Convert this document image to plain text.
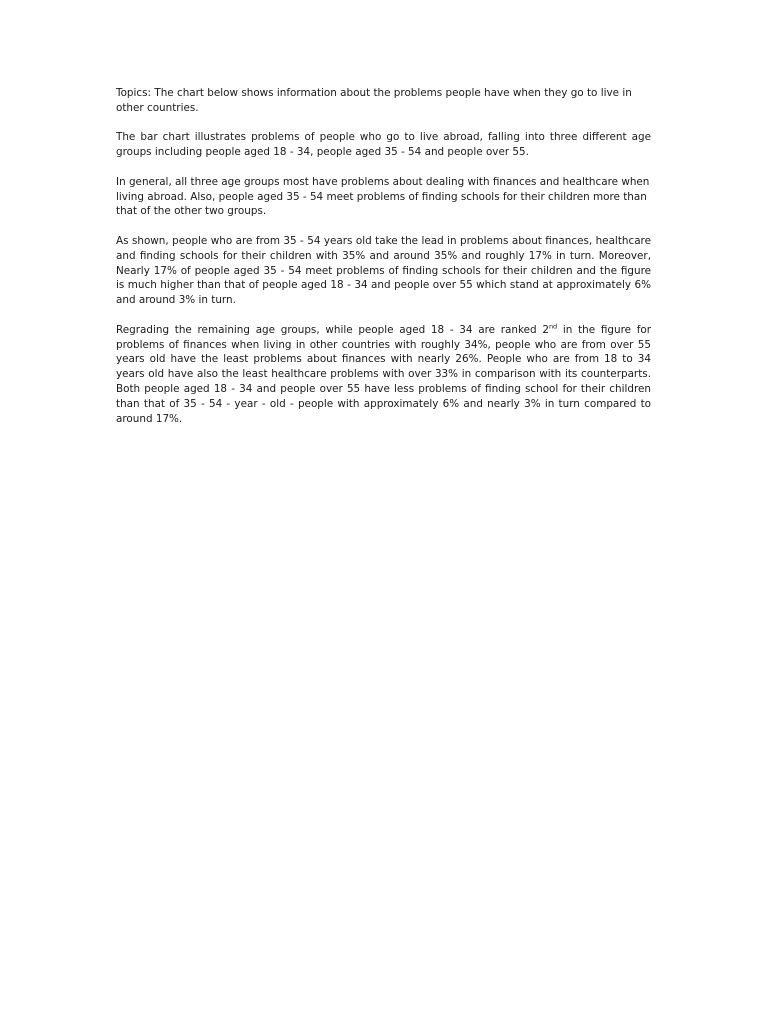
Topics: The chart below shows information about the problems people have when they go to live in other countries.

The bar chart illustrates problems of people who go to live abroad, falling into three different age groups including people aged 18 - 34, people aged 35 - 54 and people over 55.

In general, all three age groups most have problems about dealing with finances and healthcare when living abroad. Also, people aged 35 - 54 meet problems of finding schools for their children more than that of the other two groups.

As shown, people who are from 35 - 54 years old take the lead in problems about finances, healthcare and finding schools for their children with 35% and around 35% and roughly 17% in turn. Moreover, Nearly 17% of people aged 35 - 54 meet problems of finding schools for their children and the figure is much higher than that of people aged 18 - 34 and people over 55 which stand at approximately 6% and around 3% in turn.

Regrading the remaining age groups, while people aged 18 - 34 are ranked 2nd in the figure for problems of finances when living in other countries with roughly 34%, people who are from over 55 years old have the least problems about finances with nearly 26%. People who are from 18 to 34 years old have also the least healthcare problems with over 33% in comparison with its counterparts. Both people aged 18 - 34 and people over 55 have less problems of finding school for their children than that of 35 - 54 - year - old - people with approximately 6% and nearly 3% in turn compared to around 17%.
